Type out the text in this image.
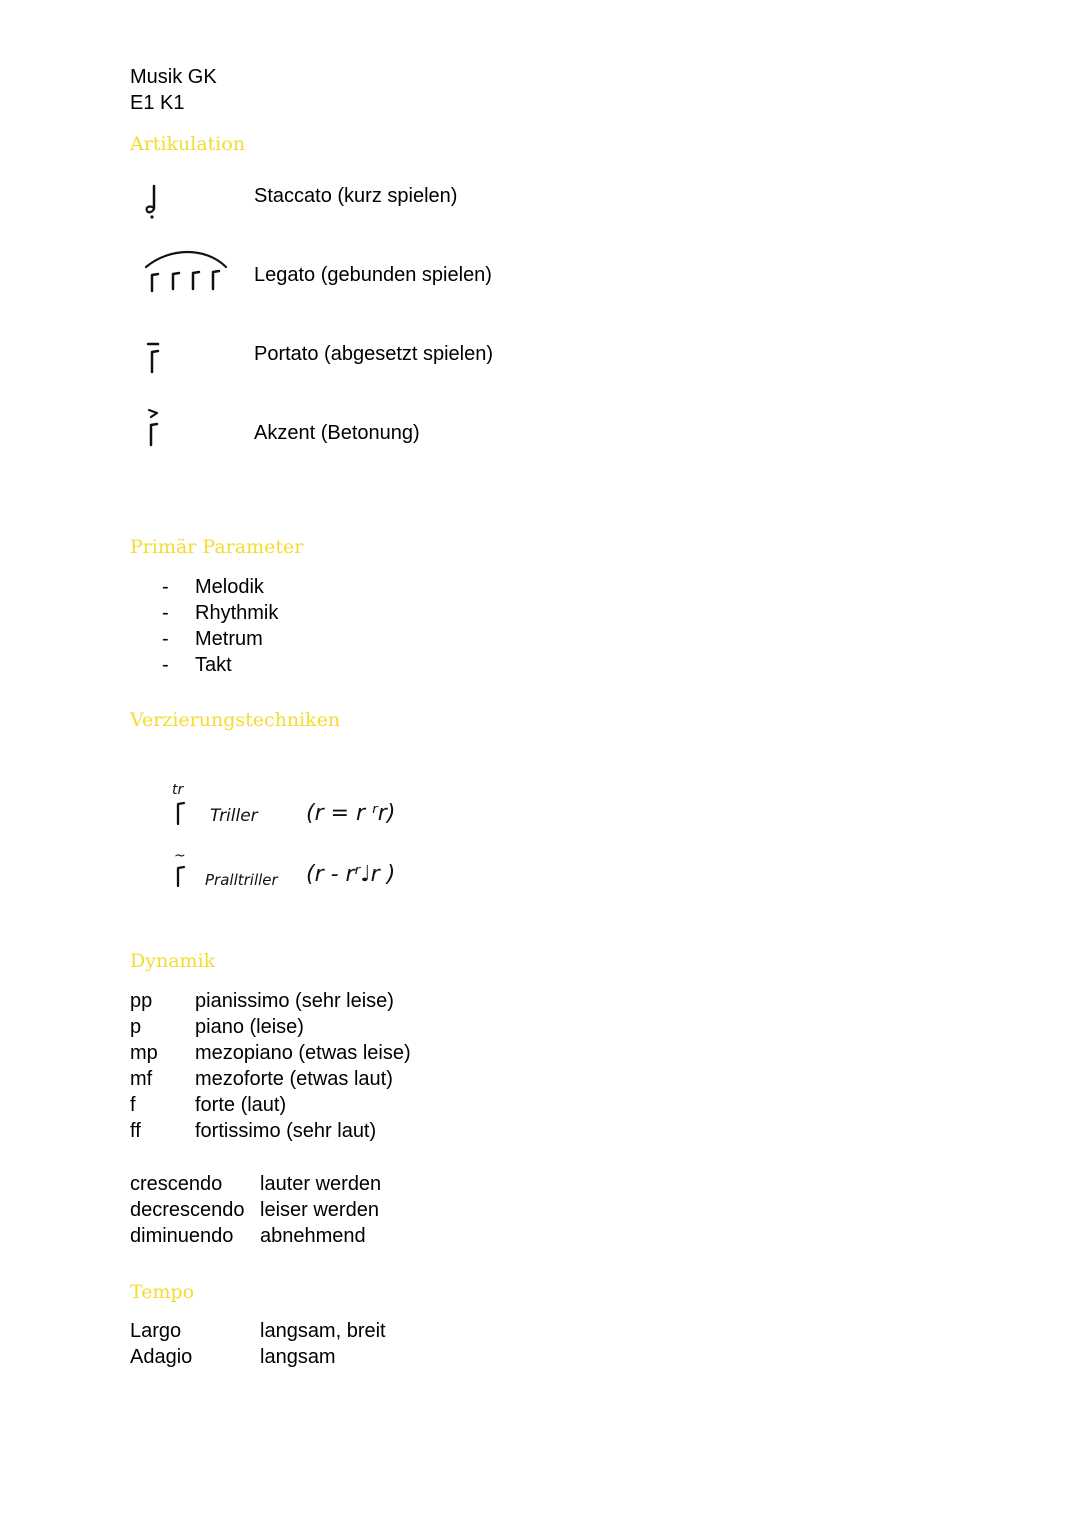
Musik GK
E1 K1
Artikulation
Staccato (kurz spielen)
Legato (gebunden spielen)
Portato (abgesetzt spielen)
Akzent (Betonung)
Primär Parameter
- Melodik
- Rhythmik
- Metrum
- Takt
Verzierungstechniken
tr
Triller (r = r ʳr)
~
Pralltriller (r - rʳ♩r )
Dynamik
pp pianissimo (sehr leise)
p	piano (leise)
mp mezopiano (etwas leise)
mf mezoforte (etwas laut)
f	forte (laut)
ff	fortissimo (sehr laut)
crescendo lauter werden
decrescendo leiser werden
diminuendo abnehmend
Tempo
Largo	langsam, breit
Adagio	langsam
